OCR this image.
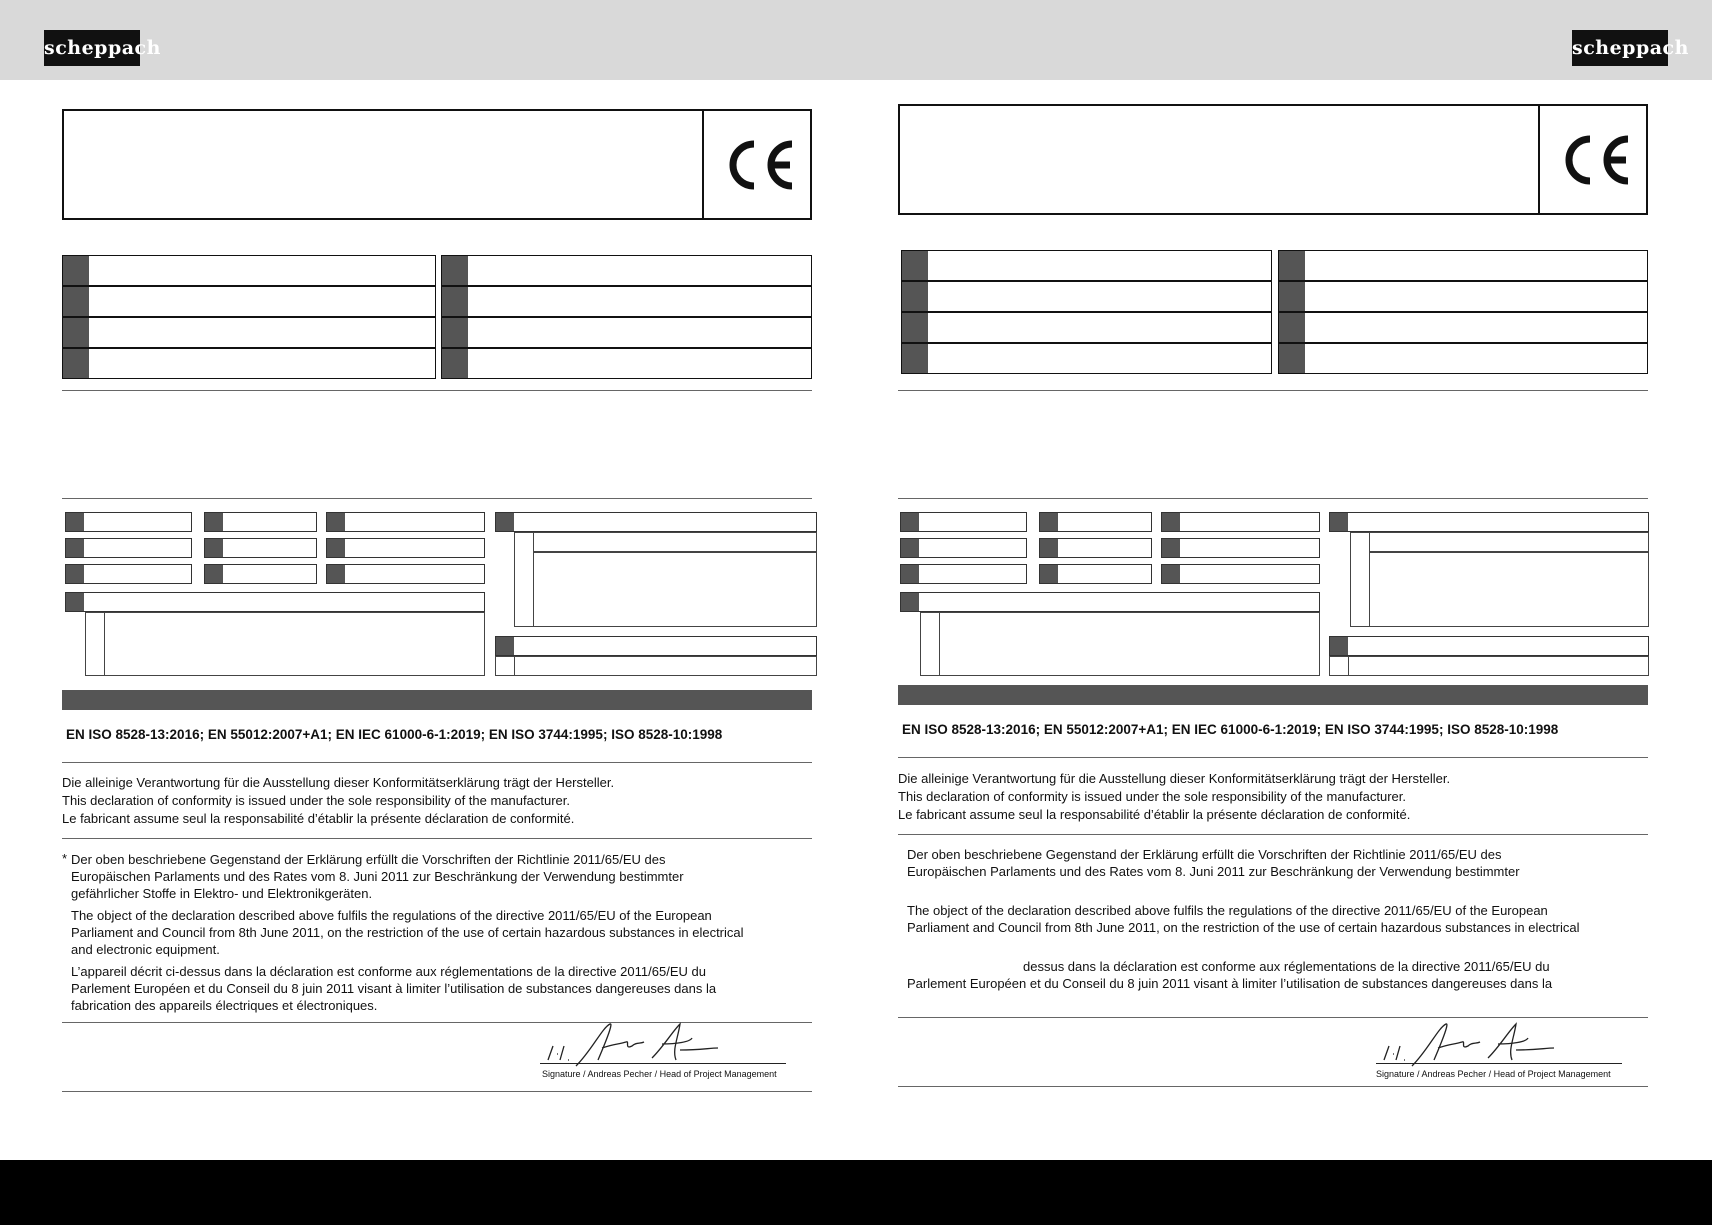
scheppach	scheppach
EN ISO 8528-13:2016; EN 55012:2007+A1; EN IEC 61000-6-1:2019; EN ISO 3744:1995; ISO 8528-10:1998
Die alleinige Verantwortung für die Ausstellung dieser Konformitätserklärung trägt der Hersteller.
This declaration of conformity is issued under the sole responsibility of the manufacturer.
Le fabricant assume seul la responsabilité d’établir la présente déclaration de conformité.
* Der oben beschriebene Gegenstand der Erklärung erfüllt die Vorschriften der Richtlinie 2011/65/EU des

Europäischen Parlaments und des Rates vom 8. Juni 2011 zur Beschränkung der Verwendung bestimmter

gefährlicher Stoffe in Elektro- und Elektronikgeräten.

The object of the declaration described above fulfils the regulations of the directive 2011/65/EU of the European

Parliament and Council from 8th June 2011, on the restriction of the use of certain hazardous substances in electrical

and electronic equipment.

L’appareil décrit ci-dessus dans la déclaration est conforme aux réglementations de la directive 2011/65/EU du

Parlement Européen et du Conseil du 8 juin 2011 visant à limiter l’utilisation de substances dangereuses dans la

fabrication des appareils électriques et électroniques.

Signature / Andreas Pecher / Head of Project Management
EN ISO 8528-13:2016; EN 55012:2007+A1; EN IEC 61000-6-1:2019; EN ISO 3744:1995; ISO 8528-10:1998
Die alleinige Verantwortung für die Ausstellung dieser Konformitätserklärung trägt der Hersteller.
This declaration of conformity is issued under the sole responsibility of the manufacturer.
Le fabricant assume seul la responsabilité d’établir la présente déclaration de conformité.

Der oben beschriebene Gegenstand der Erklärung erfüllt die Vorschriften der Richtlinie 2011/65/EU des

Europäischen Parlaments und des Rates vom 8. Juni 2011 zur Beschränkung der Verwendung bestimmter

The object of the declaration described above fulfils the regulations of the directive 2011/65/EU of the European

Parliament and Council from 8th June 2011, on the restriction of the use of certain hazardous substances in electrical

dessus dans la déclaration est conforme aux réglementations de la directive 2011/65/EU du

Parlement Européen et du Conseil du 8 juin 2011 visant à limiter l’utilisation de substances dangereuses dans la

Signature / Andreas Pecher / Head of Project Management
